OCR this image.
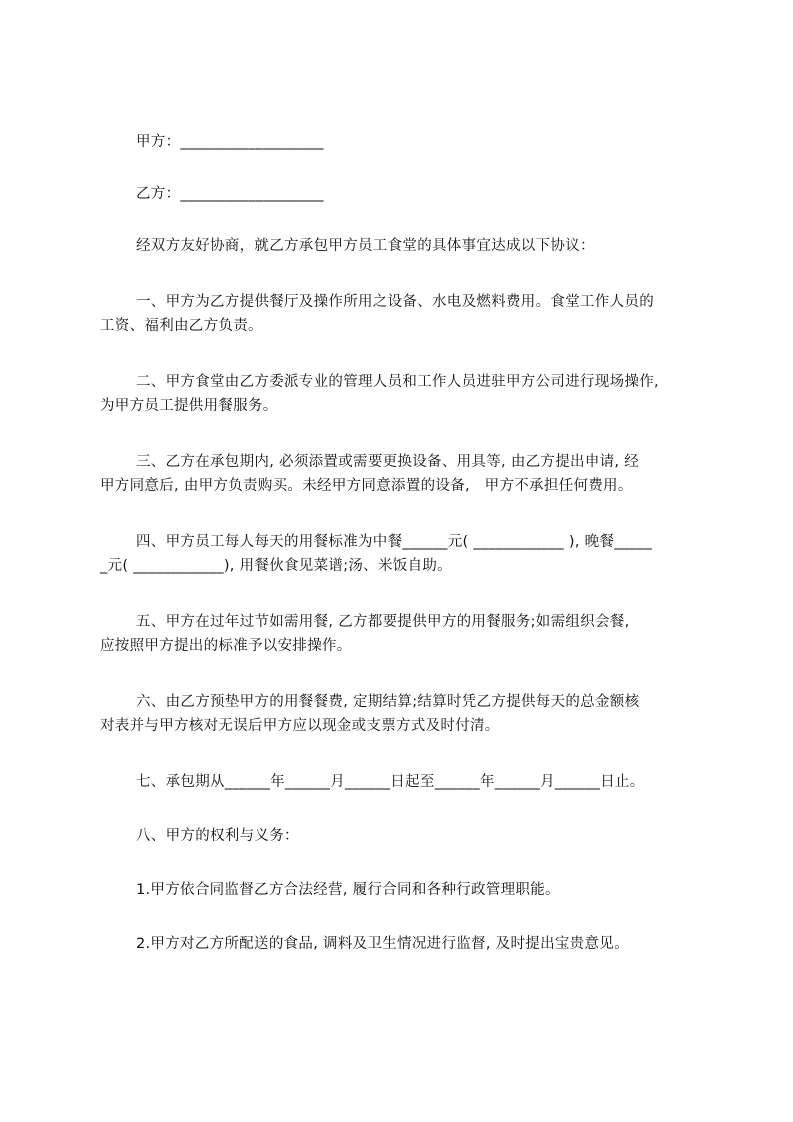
甲方：___________________
乙方：___________________
经双方友好协商，就乙方承包甲方员工食堂的具体事宜达成以下协议：
一、甲方为乙方提供餐厅及操作所用之设备、水电及燃料费用。食堂工作人员的
工资、福利由乙方负责。
二、甲方食堂由乙方委派专业的管理人员和工作人员进驻甲方公司进行现场操作,
为甲方员工提供用餐服务。
三、乙方在承包期内, 必须添置或需要更换设备、用具等, 由乙方提出申请, 经
甲方同意后, 由甲方负责购买。未经甲方同意添置的设备,   甲方不承担任何费用。
四、甲方员工每人每天的用餐标准为中餐______元( ____________ ), 晚餐_____
_元( ____________), 用餐伙食见菜谱;汤、米饭自助。
五、甲方在过年过节如需用餐, 乙方都要提供甲方的用餐服务;如需组织会餐,
应按照甲方提出的标准予以安排操作。
六、由乙方预垫甲方的用餐餐费, 定期结算;结算时凭乙方提供每天的总金额核
对表并与甲方核对无误后甲方应以现金或支票方式及时付清。
七、承包期从______年______月______日起至______年______月______日止。
八、甲方的权利与义务：
1.甲方依合同监督乙方合法经营, 履行合同和各种行政管理职能。
2.甲方对乙方所配送的食品, 调料及卫生情况进行监督, 及时提出宝贵意见。
